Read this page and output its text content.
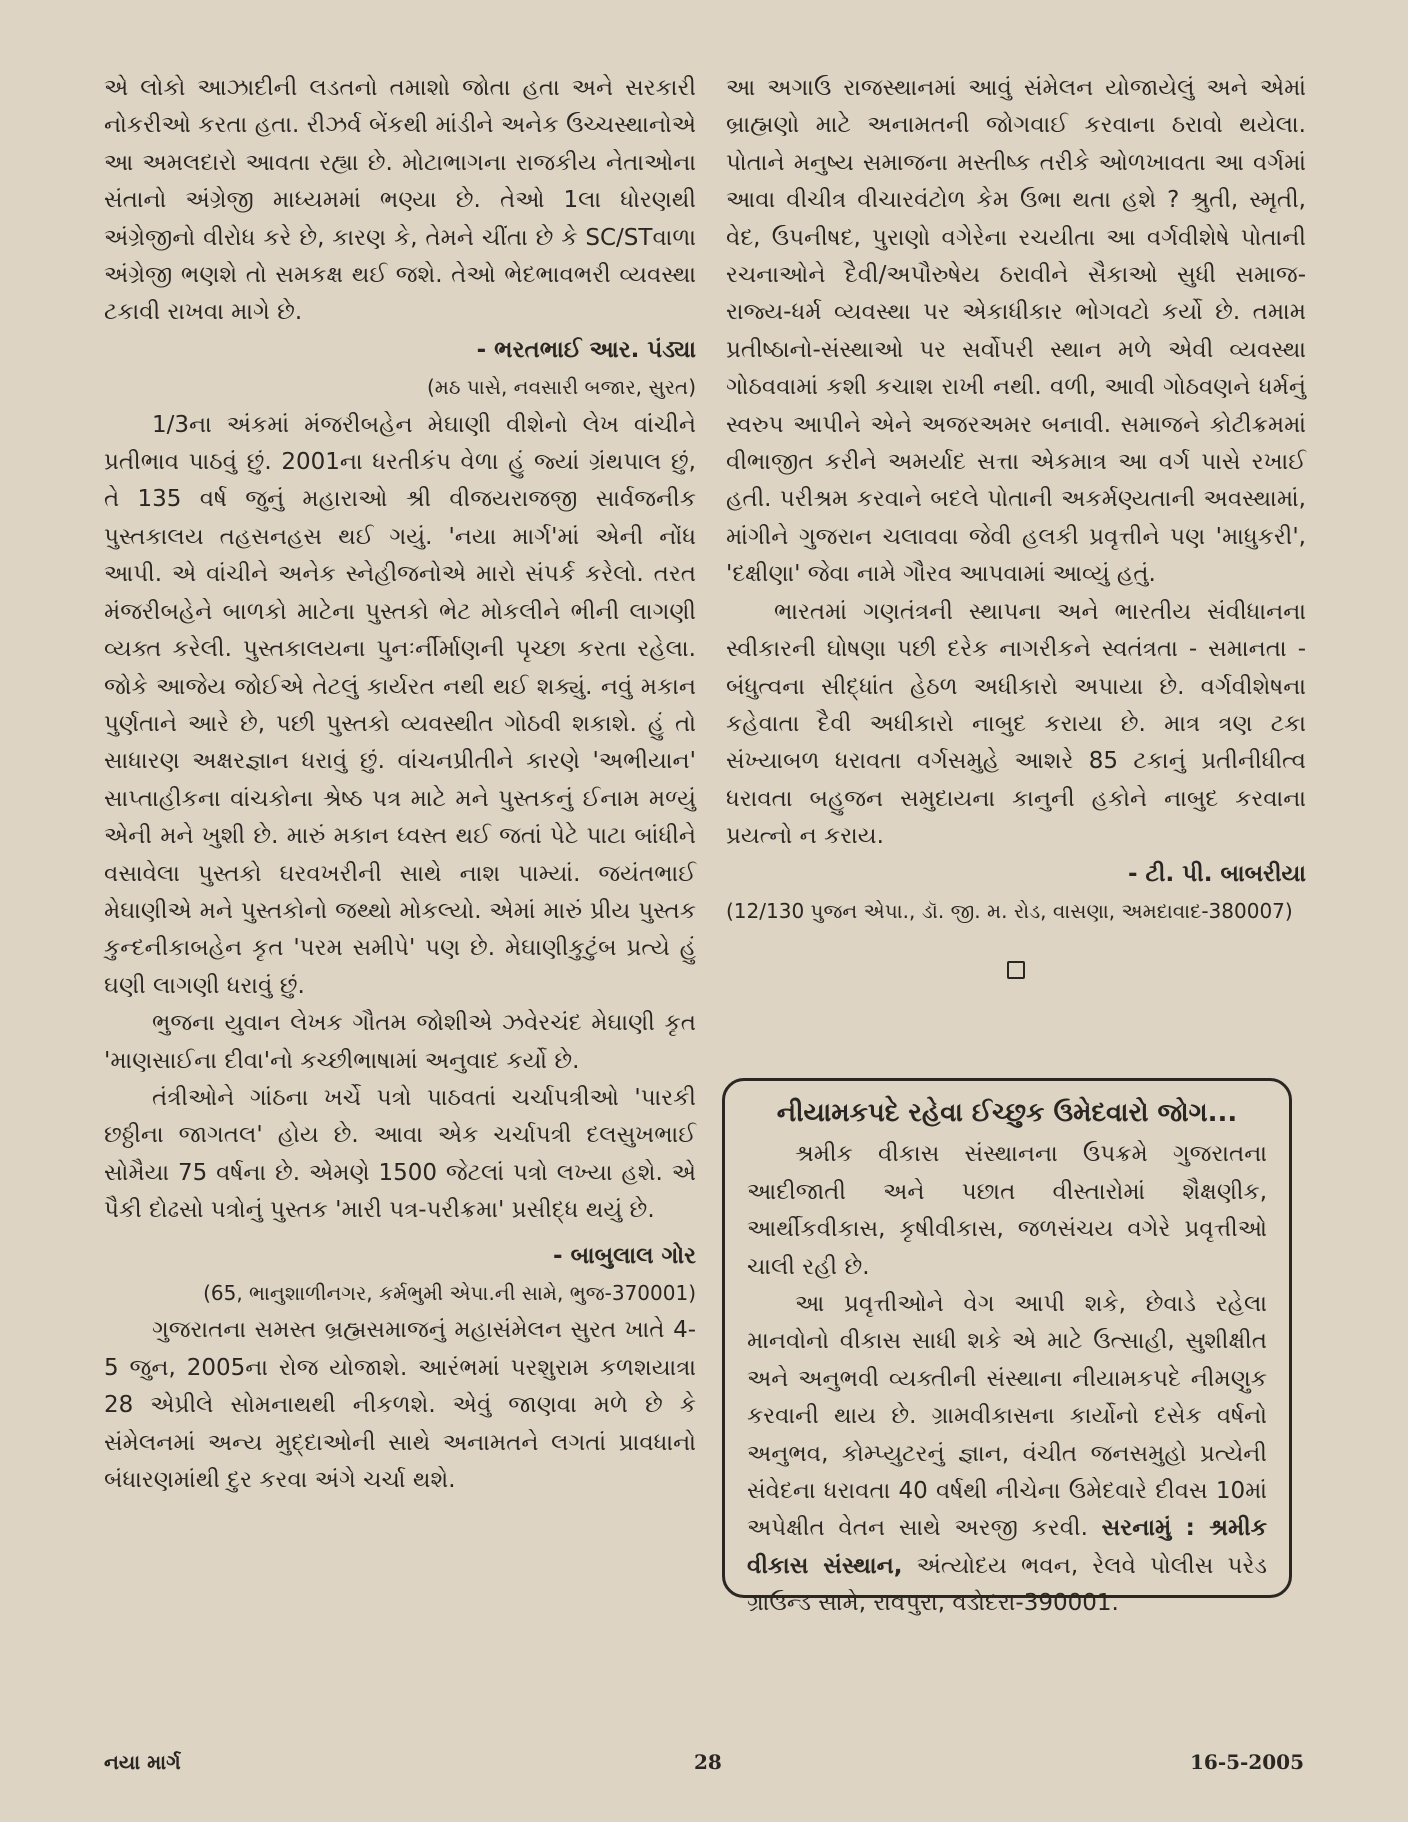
એ લોકો આઝાદીની લડતનો તમાશો જોતા હતા અને સરકારી નોકરીઓ કરતા હતા. રીઝર્વ બેંકથી માંડીને અનેક ઉચ્ચસ્થાનોએ આ અમલદારો આવતા રહ્યા છે. મોટાભાગના રાજકીય નેતાઓના સંતાનો અંગ્રેજી માધ્યમમાં ભણ્યા છે. તેઓ 1લા ધોરણથી અંગ્રેજીનો વીરોધ કરે છે, કારણ કે, તેમને ચીંતા છે કે SC/STવાળા અંગ્રેજી ભણશે તો સમકક્ષ થઈ જશે. તેઓ ભેદભાવભરી વ્યવસ્થા ટકાવી રાખવા માગે છે.

- ભરતભાઈ આર. પંડ્યા

(મઠ પાસે, નવસારી બજાર, સુરત)

1/3ના અંકમાં મંજરીબહેન મેઘાણી વીશેનો લેખ વાંચીને પ્રતીભાવ પાઠવું છું. 2001ના ધરતીકંપ વેળા હું જ્યાં ગ્રંથપાલ છું, તે 135 વર્ષ જુનું મહારાઓ શ્રી વીજયરાજજી સાર્વજનીક પુસ્તકાલય તહસનહસ થઈ ગયું. 'નયા માર્ગ'માં એની નોંધ આપી. એ વાંચીને અનેક સ્નેહીજનોએ મારો સંપર્ક કરેલો. તરત મંજરીબહેને બાળકો માટેના પુસ્તકો ભેટ મોકલીને ભીની લાગણી વ્યક્ત કરેલી. પુસ્તકાલયના પુનઃર્નીર્માણની પૃચ્છા કરતા રહેલા. જોકે આજેય જોઈએ તેટલું કાર્યરત નથી થઈ શક્યું. નવું મકાન પુર્ણતાને આરે છે, પછી પુસ્તકો વ્યવસ્થીત ગોઠવી શકાશે. હું તો સાધારણ અક્ષરજ્ઞાન ધરાવું છું. વાંચનપ્રીતીને કારણે 'અભીયાન' સાપ્તાહીકના વાંચકોના શ્રેષ્ઠ પત્ર માટે મને પુસ્તકનું ઈનામ મળ્યું એની મને ખુશી છે. મારું મકાન ધ્વસ્ત થઈ જતાં પેટે પાટા બાંધીને વસાવેલા પુસ્તકો ઘરવખરીની સાથે નાશ પામ્યાં. જયંતભાઈ મેઘાણીએ મને પુસ્તકોનો જથ્થો મોકલ્યો. એમાં મારું પ્રીય પુસ્તક કુન્દનીકાબહેન કૃત 'પરમ સમીપે' પણ છે. મેઘાણીકુટુંબ પ્રત્યે હું ઘણી લાગણી ધરાવું છું.

ભુજના યુવાન લેખક ગૌતમ જોશીએ ઝવેરચંદ મેઘાણી કૃત 'માણસાઈના દીવા'નો કચ્છીભાષામાં અનુવાદ કર્યો છે.

તંત્રીઓને ગાંઠના ખર્ચે પત્રો પાઠવતાં ચર્ચાપત્રીઓ 'પારકી છઠ્ઠીના જાગતલ' હોય છે. આવા એક ચર્ચાપત્રી દલસુખભાઈ સોમૈયા 75 વર્ષના છે. એમણે 1500 જેટલાં પત્રો લખ્યા હશે. એ પૈકી દોઢસો પત્રોનું પુસ્તક 'મારી પત્ર-પરીક્રમા' પ્રસીદ્ધ થયું છે.

- બાબુલાલ ગોર

(65, ભાનુશાળીનગર, કર્મભુમી એપા.ની સામે, ભુજ-370001)

ગુજરાતના સમસ્ત બ્રહ્મસમાજનું મહાસંમેલન સુરત ખાતે 4-5 જુન, 2005ના રોજ યોજાશે. આરંભમાં પરશુરામ કળશયાત્રા 28 એપ્રીલે સોમનાથથી નીકળશે. એવું જાણવા મળે છે કે સંમેલનમાં અન્ય મુદ્દાઓની સાથે અનામતને લગતાં પ્રાવધાનો બંધારણમાંથી દુર કરવા અંગે ચર્ચા થશે.

આ અગાઉ રાજસ્થાનમાં આવું સંમેલન યોજાયેલું અને એમાં બ્રાહ્મણો માટે અનામતની જોગવાઈ કરવાના ઠરાવો થયેલા. પોતાને મનુષ્ય સમાજના મસ્તીષ્ક તરીકે ઓળખાવતા આ વર્ગમાં આવા વીચીત્ર વીચારવંટોળ કેમ ઉભા થતા હશે ? શ્રુતી, સ્મૃતી, વેદ, ઉપનીષદ, પુરાણો વગેરેના રચયીતા આ વર્ગવીશેષે પોતાની રચનાઓને દૈવી/અપૌરુષેય ઠરાવીને સૈકાઓ સુધી સમાજ-રાજ્ય-ધર્મ વ્યવસ્થા પર એકાધીકાર ભોગવટો કર્યો છે. તમામ પ્રતીષ્ઠાનો-સંસ્થાઓ પર સર્વોપરી સ્થાન મળે એવી વ્યવસ્થા ગોઠવવામાં કશી કચાશ રાખી નથી. વળી, આવી ગોઠવણને ધર્મનું સ્વરુપ આપીને એને અજરઅમર બનાવી. સમાજને કોટીક્રમમાં વીભાજીત કરીને અમર્યાદ સત્તા એકમાત્ર આ વર્ગ પાસે રખાઈ હતી. પરીશ્રમ કરવાને બદલે પોતાની અકર્મણ્યતાની અવસ્થામાં, માંગીને ગુજરાન ચલાવવા જેવી હલકી પ્રવૃત્તીને પણ 'માધુકરી', 'દક્ષીણા' જેવા નામે ગૌરવ આપવામાં આવ્યું હતું.

ભારતમાં ગણતંત્રની સ્થાપના અને ભારતીય સંવીધાનના સ્વીકારની ઘોષણા પછી દરેક નાગરીકને સ્વતંત્રતા - સમાનતા - બંધુત્વના સીદ્ધાંત હેઠળ અધીકારો અપાયા છે. વર્ગવીશેષના કહેવાતા દૈવી અધીકારો નાબુદ કરાયા છે. માત્ર ત્રણ ટકા સંખ્યાબળ ધરાવતા વર્ગસમુહે આશરે 85 ટકાનું પ્રતીનીધીત્વ ધરાવતા બહુજન સમુદાયના કાનુની હકોને નાબુદ કરવાના પ્રયત્નો ન કરાય.

- ટી. પી. બાબરીયા

(12/130 પુજન એપા., ડૉ. જી. મ. રોડ, વાસણા, અમદાવાદ-380007)

નીયામકપદે રહેવા ઈચ્છુક ઉમેદવારો જોગ...

શ્રમીક વીકાસ સંસ્થાનના ઉપક્રમે ગુજરાતના આદીજાતી અને પછાત વીસ્તારોમાં શૈક્ષણીક, આર્થીકવીકાસ, કૃષીવીકાસ, જળસંચય વગેરે પ્રવૃત્તીઓ ચાલી રહી છે.

આ પ્રવૃત્તીઓને વેગ આપી શકે, છેવાડે રહેલા માનવોનો વીકાસ સાધી શકે એ માટે ઉત્સાહી, સુશીક્ષીત અને અનુભવી વ્યક્તીની સંસ્થાના નીયામકપદે નીમણુક કરવાની થાય છે. ગ્રામવીકાસના કાર્યોનો દસેક વર્ષનો અનુભવ, કોમ્પ્યુટરનું જ્ઞાન, વંચીત જનસમુહો પ્રત્યેની સંવેદના ધરાવતા 40 વર્ષથી નીચેના ઉમેદવારે દીવસ 10માં અપેક્ષીત વેતન સાથે અરજી કરવી. સરનામું : શ્રમીક વીકાસ સંસ્થાન, અંત્યોદય ભવન, રેલવે પોલીસ પરેડ ગ્રાઉન્ડ સામે, રાવપુરા, વડોદરા-390001.

નયા માર્ગ	28	16-5-2005
